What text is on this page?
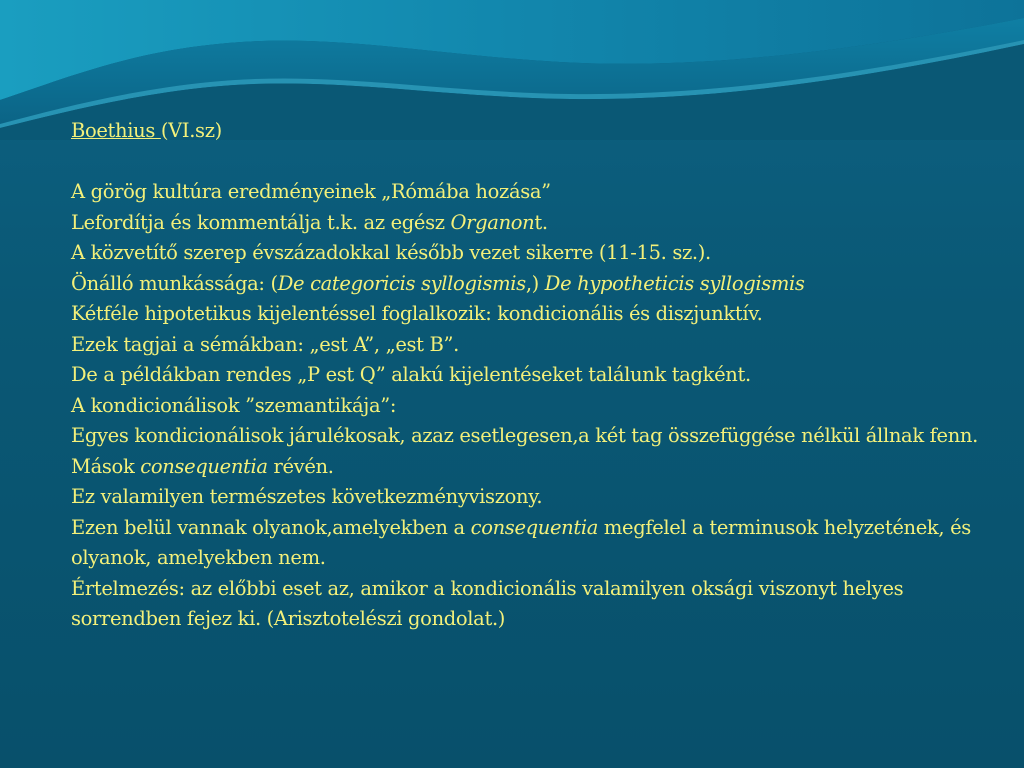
Boethius (VI.sz)
A görög kultúra eredményeinek „Rómába hozása”
Lefordítja és kommentálja t.k. az egész Organont.
A közvetítő szerep évszázadokkal később vezet sikerre (11-15. sz.).
Önálló munkássága: (De categoricis syllogismis,) De hypotheticis syllogismis
Kétféle hipotetikus kijelentéssel foglalkozik: kondicionális és diszjunktív.
Ezek tagjai a sémákban: „est A”, „est B”.
De a példákban rendes „P est Q” alakú kijelentéseket találunk tagként.
A kondicionálisok ”szemantikája”:
Egyes kondicionálisok járulékosak, azaz esetlegesen,a két tag összefüggése nélkül állnak fenn.
Mások consequentia révén.
Ez valamilyen természetes következményviszony.
Ezen belül vannak olyanok,amelyekben a consequentia megfelel a terminusok helyzetének, és olyanok, amelyekben nem.
Értelmezés: az előbbi eset az, amikor a kondicionális valamilyen oksági viszonyt helyes sorrendben fejez ki. (Arisztotelészi gondolat.)
